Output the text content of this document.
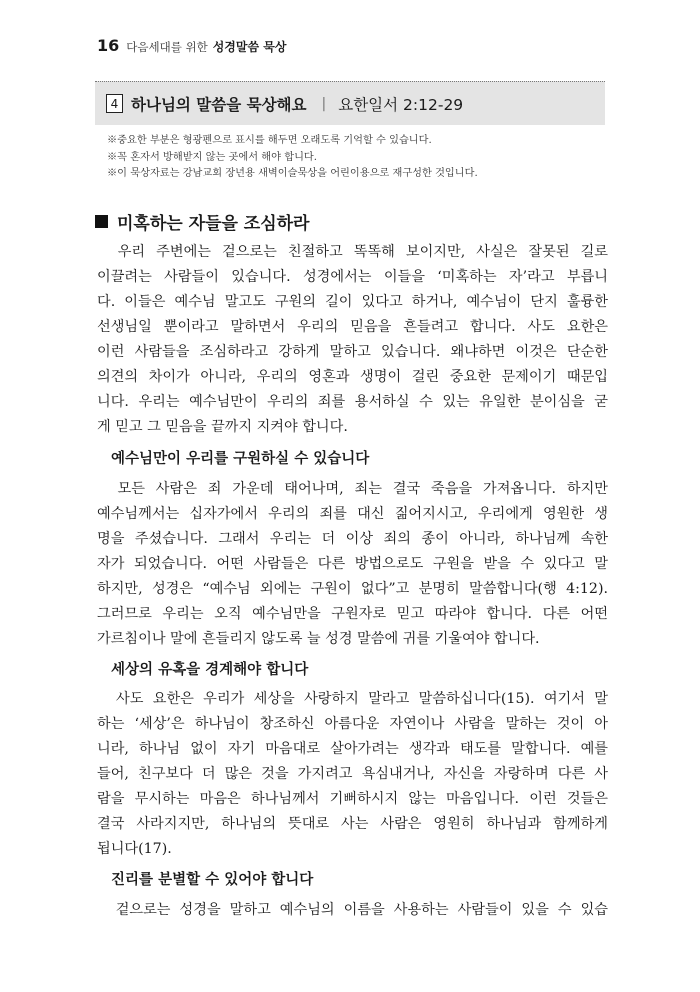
16 다음세대를 위한 성경말씀 묵상
4 하나님의 말씀을 묵상해요 | 요한일서 2:12-29
※중요한 부분은 형광펜으로 표시를 해두면 오래도록 기억할 수 있습니다.
※꼭 혼자서 방해받지 않는 곳에서 해야 합니다.
※이 묵상자료는 강남교회 장년용 새벽이슬묵상을 어린이용으로 재구성한 것입니다.
미혹하는 자들을 조심하라
　우리 주변에는 겉으로는 친절하고 똑똑해 보이지만, 사실은 잘못된 길로
이끌려는 사람들이 있습니다. 성경에서는 이들을 ‘미혹하는 자’라고 부릅니
다. 이들은 예수님 말고도 구원의 길이 있다고 하거나, 예수님이 단지 훌륭한
선생님일 뿐이라고 말하면서 우리의 믿음을 흔들려고 합니다. 사도 요한은
이런 사람들을 조심하라고 강하게 말하고 있습니다. 왜냐하면 이것은 단순한
의견의 차이가 아니라, 우리의 영혼과 생명이 걸린 중요한 문제이기 때문입
니다. 우리는 예수님만이 우리의 죄를 용서하실 수 있는 유일한 분이심을 굳
게 믿고 그 믿음을 끝까지 지켜야 합니다.
예수님만이 우리를 구원하실 수 있습니다
　모든 사람은 죄 가운데 태어나며, 죄는 결국 죽음을 가져옵니다. 하지만
예수님께서는 십자가에서 우리의 죄를 대신 짊어지시고, 우리에게 영원한 생
명을 주셨습니다. 그래서 우리는 더 이상 죄의 종이 아니라, 하나님께 속한
자가 되었습니다. 어떤 사람들은 다른 방법으로도 구원을 받을 수 있다고 말
하지만, 성경은 “예수님 외에는 구원이 없다”고 분명히 말씀합니다(행 4:12).
그러므로 우리는 오직 예수님만을 구원자로 믿고 따라야 합니다. 다른 어떤
가르침이나 말에 흔들리지 않도록 늘 성경 말씀에 귀를 기울여야 합니다.
세상의 유혹을 경계해야 합니다
　사도 요한은 우리가 세상을 사랑하지 말라고 말씀하십니다(15). 여기서 말
하는 ‘세상’은 하나님이 창조하신 아름다운 자연이나 사람을 말하는 것이 아
니라, 하나님 없이 자기 마음대로 살아가려는 생각과 태도를 말합니다. 예를
들어, 친구보다 더 많은 것을 가지려고 욕심내거나, 자신을 자랑하며 다른 사
람을 무시하는 마음은 하나님께서 기뻐하시지 않는 마음입니다. 이런 것들은
결국 사라지지만, 하나님의 뜻대로 사는 사람은 영원히 하나님과 함께하게
됩니다(17).
진리를 분별할 수 있어야 합니다
　겉으로는 성경을 말하고 예수님의 이름을 사용하는 사람들이 있을 수 있습
